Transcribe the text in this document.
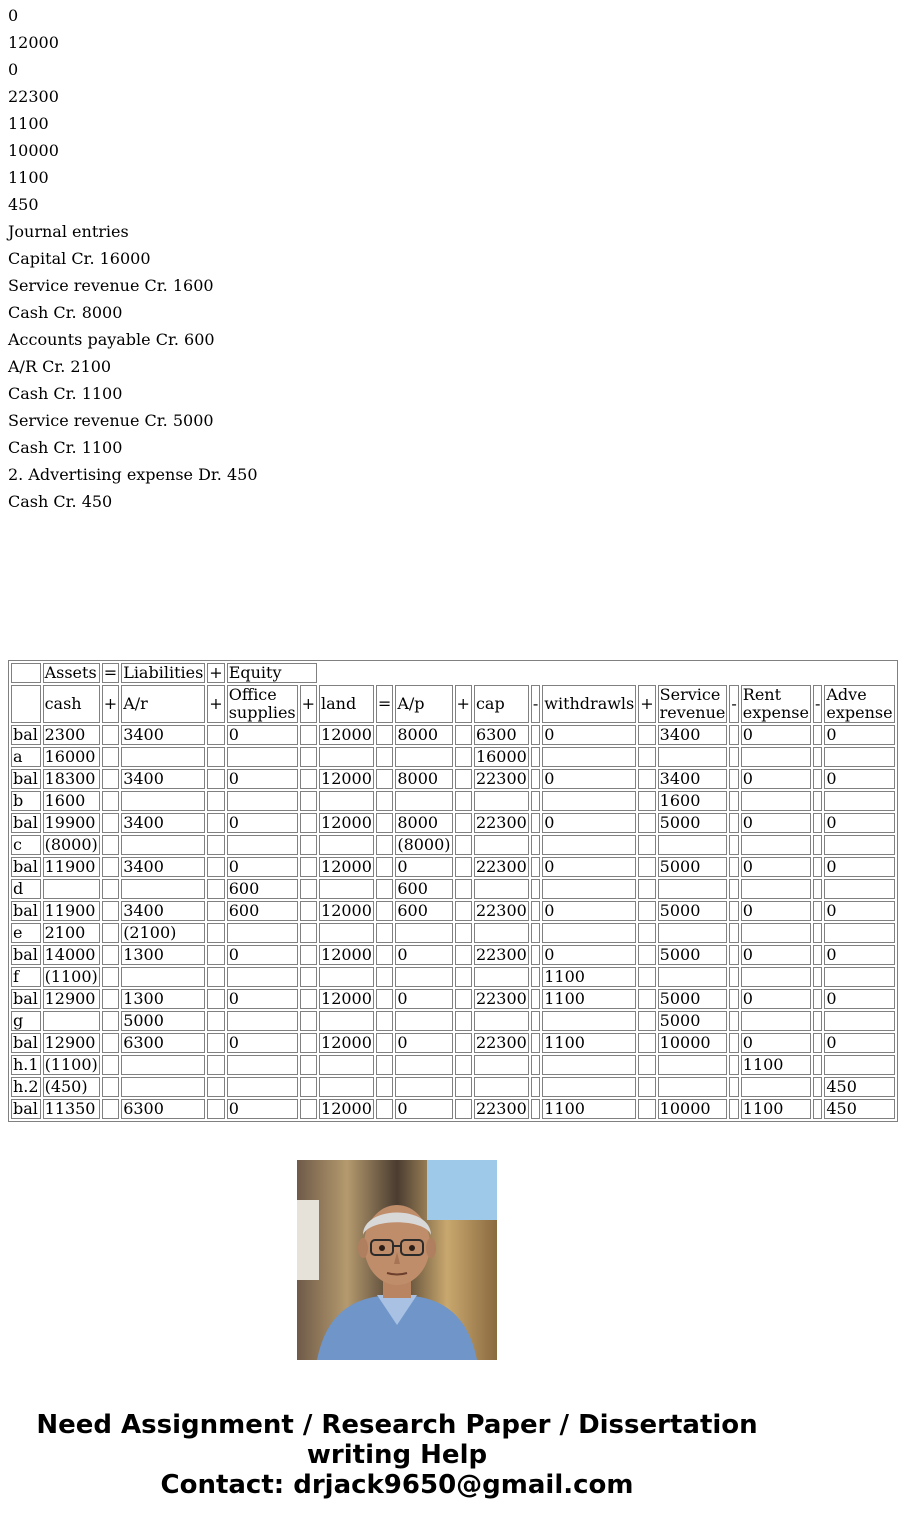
0

12000

0

22300

1100

10000

1100

450

Journal entries

Capital Cr. 16000

Service revenue Cr. 1600

Cash Cr. 8000

Accounts payable Cr. 600

A/R Cr. 2100

Cash Cr. 1100

Service revenue Cr. 5000

Cash Cr. 1100

2. Advertising expense Dr. 450

Cash Cr. 450

	Assets	=	Liabilities	+	Equity														
	cash	+	A/r	+	Office supplies	+	land	=	A/p	+	cap	-	withdrawls	+	Service revenue	-	Rent expense	-	Adve expense
bal	2300		3400		0		12000		8000		6300		0		3400		0		0
a	16000										16000								
bal	18300		3400		0		12000		8000		22300		0		3400		0		0
b	1600														1600				
bal	19900		3400		0		12000		8000		22300		0		5000		0		0
c	(8000)								(8000)										
bal	11900		3400		0		12000		0		22300		0		5000		0		0
d					600				600										
bal	11900		3400		600		12000		600		22300		0		5000		0		0
e	2100		(2100)																
bal	14000		1300		0		12000		0		22300		0		5000		0		0
f	(1100)												1100						
bal	12900		1300		0		12000		0		22300		1100		5000		0		0
g			5000												5000				
bal	12900		6300		0		12000		0		22300		1100		10000		0		0
h.1	(1100)																1100		
h.2	(450)																		450
bal	11350		6300		0		12000		0		22300		1100		10000		1100		450
Need Assignment / Research Paper / Dissertation
writing Help
Contact: drjack9650@gmail.com
